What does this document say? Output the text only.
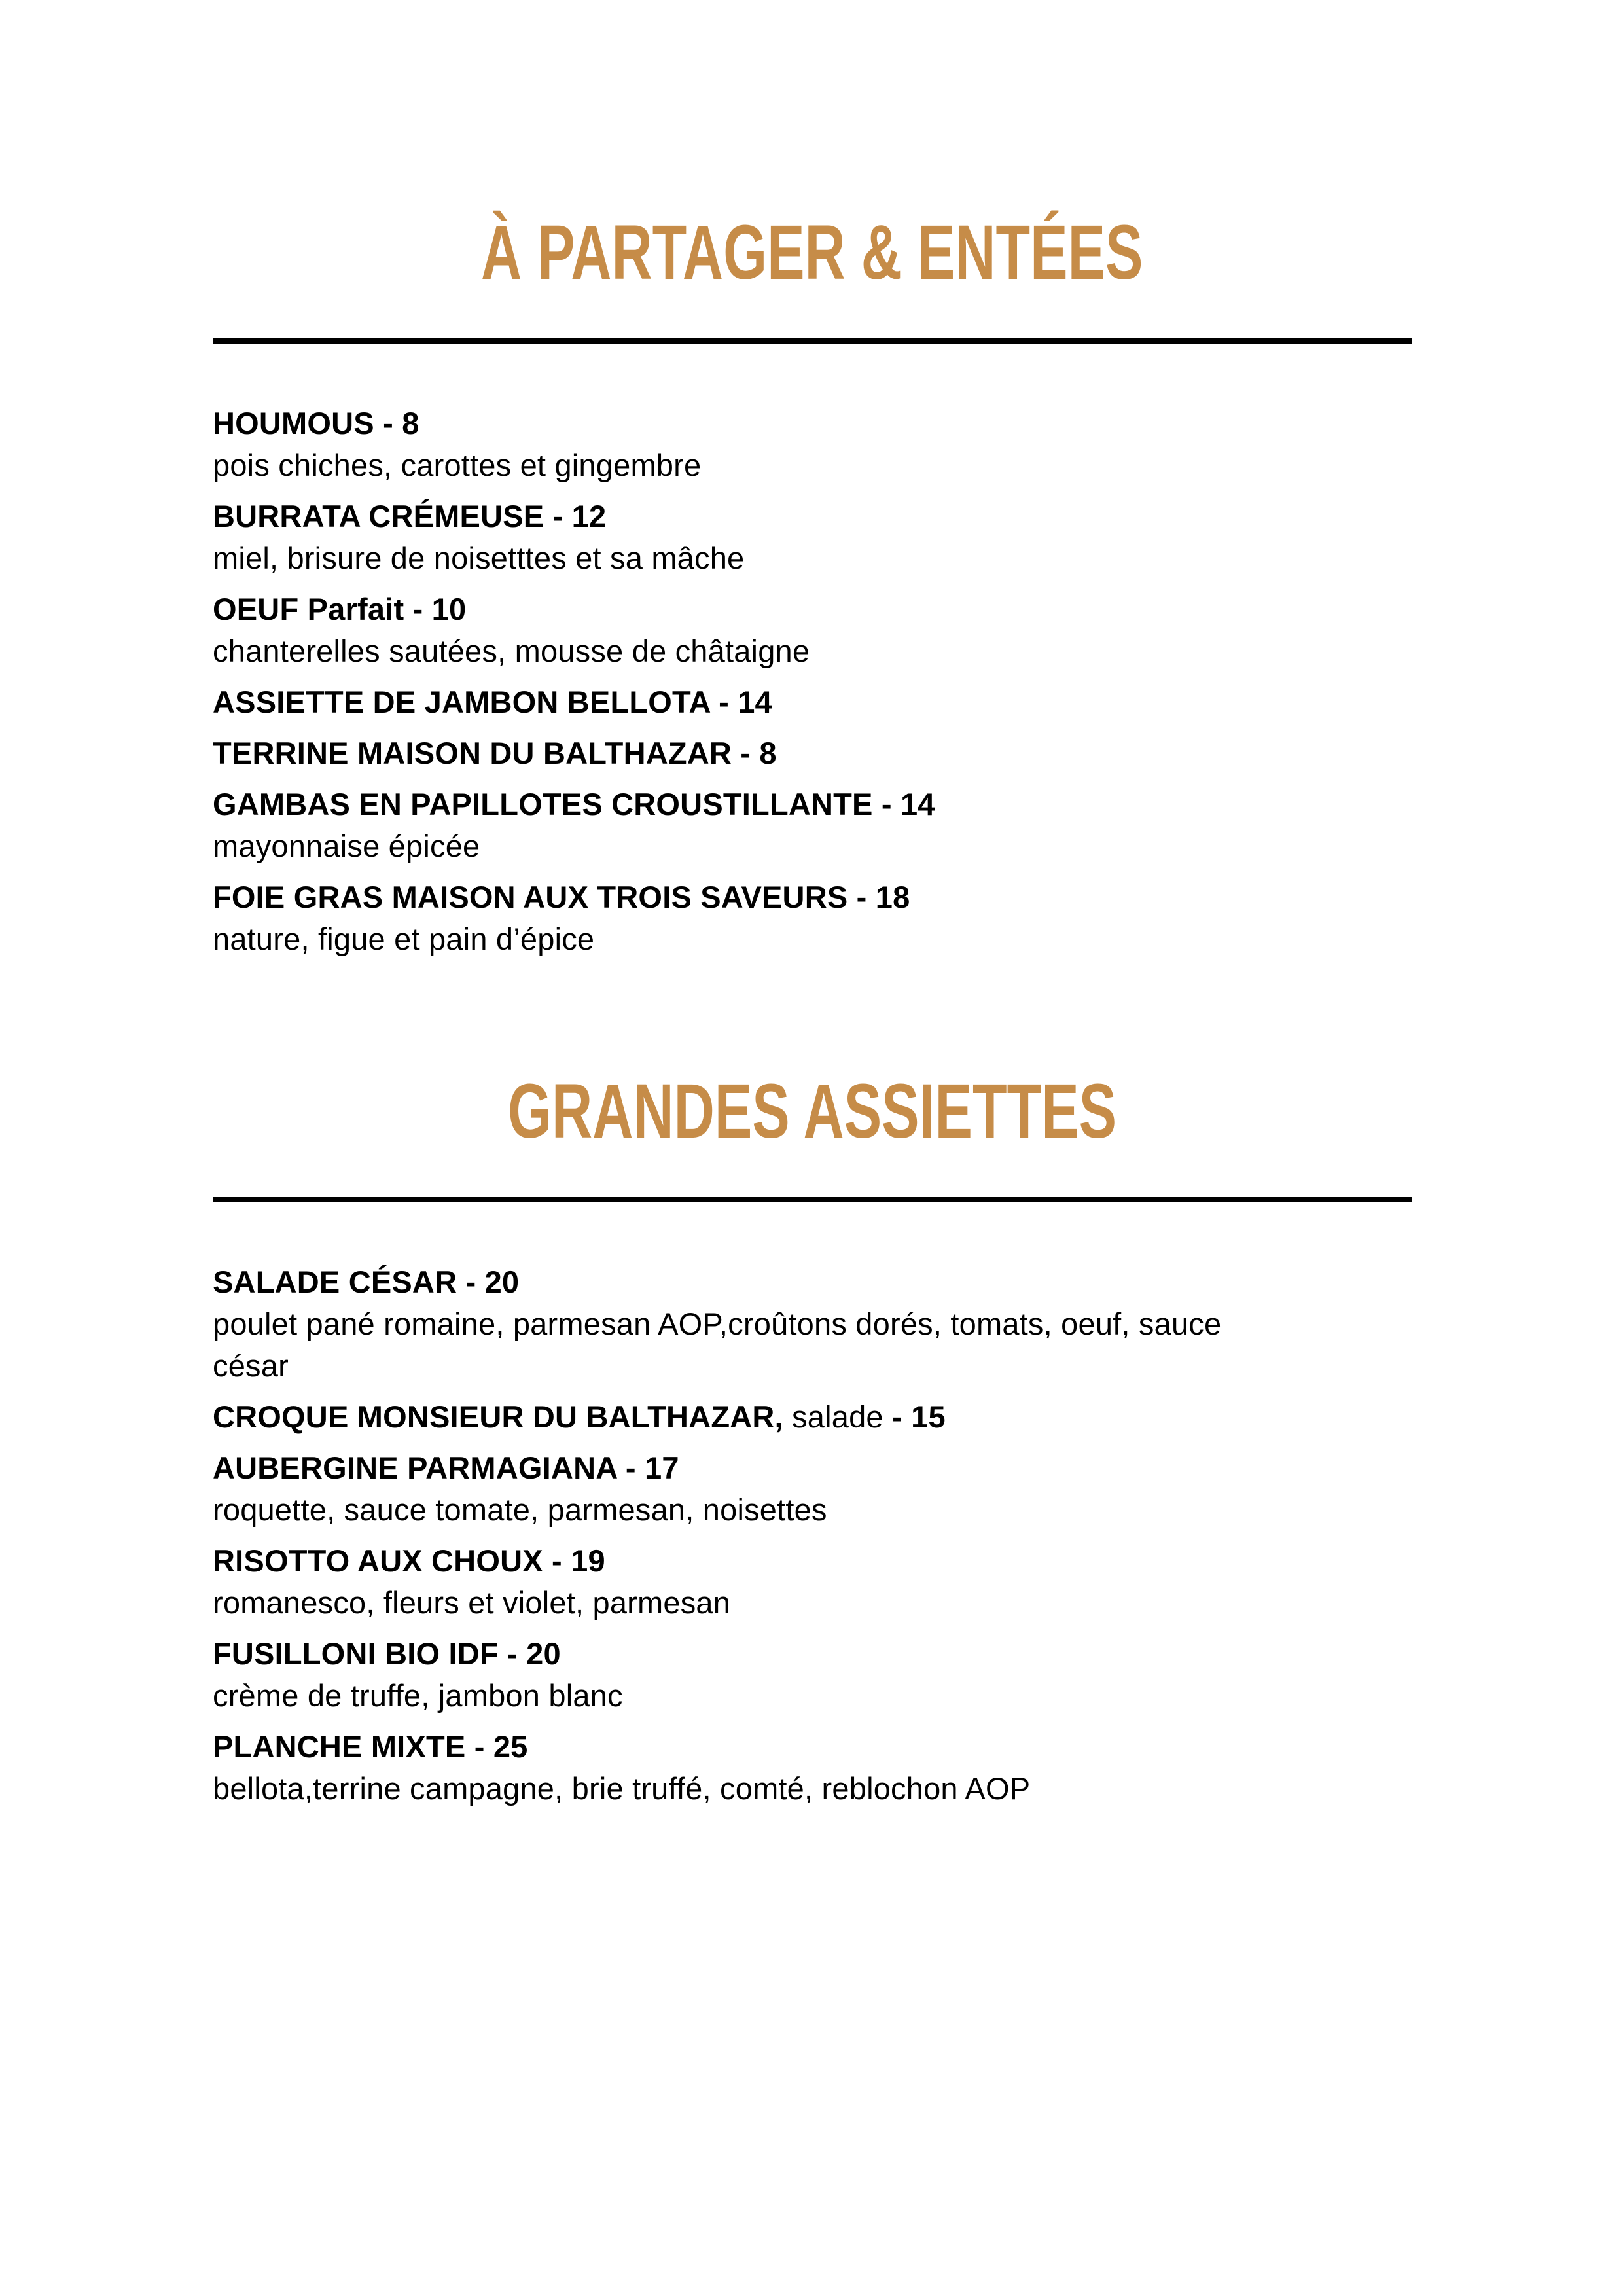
À PARTAGER & ENTÉES
HOUMOUS - 8
pois chiches, carottes et gingembre
BURRATA CRÉMEUSE - 12
miel, brisure de noisetttes et sa mâche
OEUF Parfait - 10
chanterelles sautées, mousse de châtaigne
ASSIETTE DE JAMBON BELLOTA - 14
TERRINE MAISON DU BALTHAZAR - 8
GAMBAS EN PAPILLOTES CROUSTILLANTE - 14
mayonnaise épicée
FOIE GRAS MAISON AUX TROIS SAVEURS - 18
nature, figue et pain d’épice
GRANDES ASSIETTES
SALADE CÉSAR - 20
poulet pané romaine, parmesan AOP,croûtons dorés, tomats, oeuf, sauce
césar
CROQUE MONSIEUR DU BALTHAZAR, salade - 15
AUBERGINE PARMAGIANA - 17
roquette, sauce tomate, parmesan, noisettes
RISOTTO AUX CHOUX - 19
romanesco, fleurs et violet, parmesan
FUSILLONI BIO IDF - 20
crème de truffe, jambon blanc
PLANCHE MIXTE - 25
bellota,terrine campagne, brie truffé, comté, reblochon AOP
